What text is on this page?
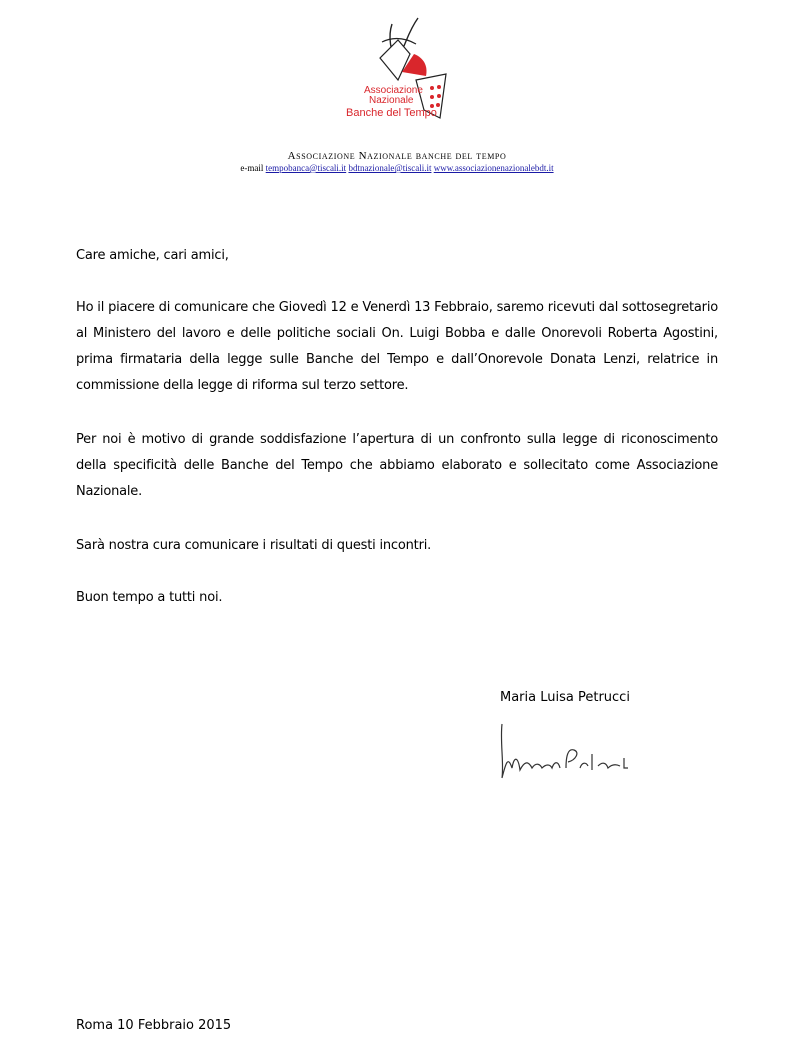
Associazione
Nazionale
Banche del Tempo
Associazione Nazionale banche del tempo
e-mail tempobanca@tiscali.it bdtnazionale@tiscali.it www.associazionenazionalebdt.it
Care amiche, cari amici,
Ho il piacere di comunicare che Giovedì 12 e Venerdì 13 Febbraio, saremo ricevuti dal sottosegretario al Ministero del lavoro e delle politiche sociali On. Luigi Bobba e dalle Onorevoli Roberta Agostini, prima firmataria della legge sulle Banche del Tempo e dall’Onorevole Donata Lenzi, relatrice in commissione della legge di riforma sul terzo settore.
Per noi è motivo di grande soddisfazione l’apertura di un confronto sulla legge di riconoscimento della specificità delle Banche del Tempo che abbiamo elaborato e sollecitato come Associazione Nazionale.
Sarà nostra cura comunicare i risultati di questi incontri.
Buon tempo a tutti noi.
Maria Luisa Petrucci
Roma 10 Febbraio 2015
